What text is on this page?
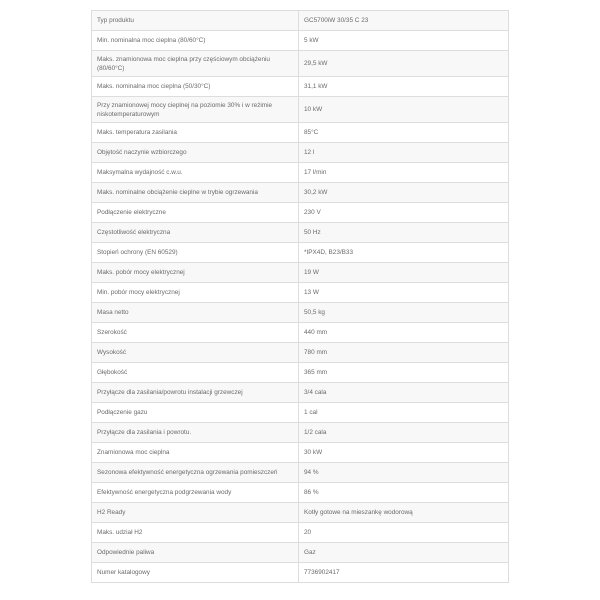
Typ produktu	GC5700iW 30/35 C 23
Min. nominalna moc cieplna (80/60°C)	5 kW
Maks. znamionowa moc cieplna przy częściowym obciążeniu (80/60°C)	29,5 kW
Maks. nominalna moc cieplna (50/30°C)	31,1 kW
Przy znamionowej mocy cieplnej na poziomie 30% i w reżimie niskotemperaturowym	10 kW
Maks. temperatura zasilania	85°C
Objętość naczynie wzbiorczego	12 l
Maksymalna wydajność c.w.u.	17 l/min
Maks. nominalne obciążenie cieplne w trybie ogrzewania	30,2 kW
Podłączenie elektryczne	230 V
Częstotliwość elektryczna	50 Hz
Stopień ochrony (EN 60529)	*IPX4D, B23/B33
Maks. pobór mocy elektrycznej	19 W
Min. pobór mocy elektrycznej	13 W
Masa netto	50,5 kg
Szerokość	440 mm
Wysokość	780 mm
Głębokość	365 mm
Przyłącze dla zasilania/powrotu instalacji grzewczej	3/4 cala
Podłączenie gazu	1 cal
Przyłącze dla zasilania i powrotu.	1/2 cala
Znamionowa moc cieplna	30 kW
Sezonowa efektywność energetyczna ogrzewania pomieszczeń	94 %
Efektywność energetyczna podgrzewania wody	86 %
H2 Ready	Kotły gotowe na mieszankę wodorową
Maks. udział H2	20
Odpowiednie paliwa	Gaz
Numer katalogowy	7736902417
